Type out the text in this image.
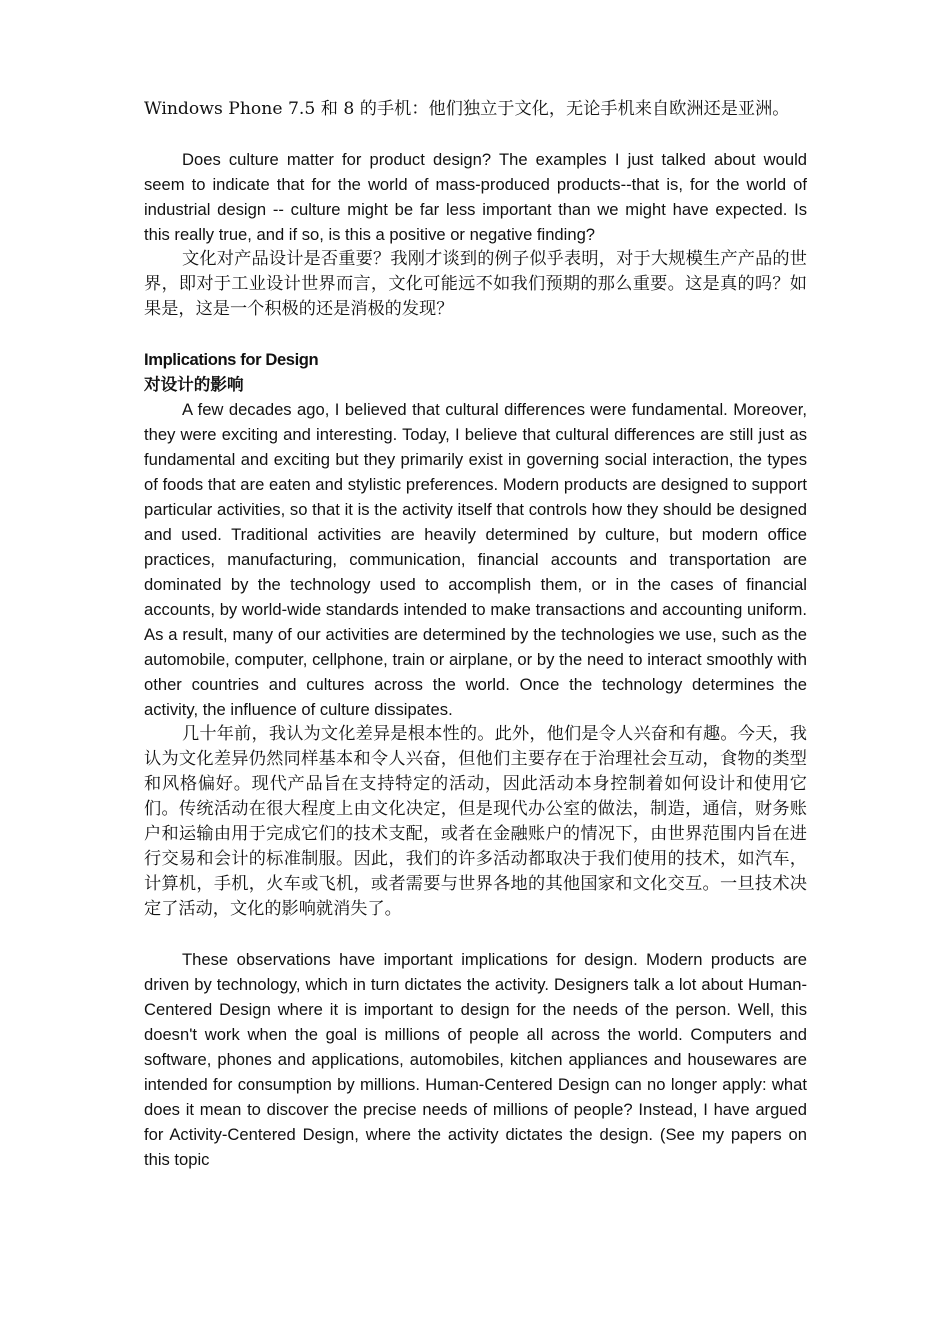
Windows Phone 7.5 和 8 的手机：他们独立于文化，无论手机来自欧洲还是亚洲。

Does culture matter for product design? The examples I just talked about would seem to indicate that for the world of mass-produced products--that is, for the world of industrial design -- culture might be far less important than we might have expected. Is this really true, and if so, is this a positive or negative finding?

文化对产品设计是否重要？我刚才谈到的例子似乎表明，对于大规模生产产品的世界，即对于工业设计世界而言，文化可能远不如我们预期的那么重要。这是真的吗？如果是，这是一个积极的还是消极的发现？

Implications for Design

对设计的影响

A few decades ago, I believed that cultural differences were fundamental. Moreover, they were exciting and interesting. Today, I believe that cultural differences are still just as fundamental and exciting but they primarily exist in governing social interaction, the types of foods that are eaten and stylistic preferences. Modern products are designed to support particular activities, so that it is the activity itself that controls how they should be designed and used. Traditional activities are heavily determined by culture, but modern office practices, manufacturing, communication, financial accounts and transportation are dominated by the technology used to accomplish them, or in the cases of financial accounts, by world-wide standards intended to make transactions and accounting uniform. As a result, many of our activities are determined by the technologies we use, such as the automobile, computer, cellphone, train or airplane, or by the need to interact smoothly with other countries and cultures across the world. Once the technology determines the activity, the influence of culture dissipates.

几十年前，我认为文化差异是根本性的。此外，他们是令人兴奋和有趣。今天，我认为文化差异仍然同样基本和令人兴奋，但他们主要存在于治理社会互动，食物的类型和风格偏好。现代产品旨在支持特定的活动，因此活动本身控制着如何设计和使用它们。传统活动在很大程度上由文化决定，但是现代办公室的做法，制造，通信，财务账户和运输由用于完成它们的技术支配，或者在金融账户的情况下，由世界范围内旨在进行交易和会计的标准制服。因此，我们的许多活动都取决于我们使用的技术，如汽车，计算机，手机，火车或飞机，或者需要与世界各地的其他国家和文化交互。一旦技术决定了活动，文化的影响就消失了。

These observations have important implications for design. Modern products are driven by technology, which in turn dictates the activity. Designers talk a lot about Human-Centered Design where it is important to design for the needs of the person. Well, this doesn't work when the goal is millions of people all across the world. Computers and software, phones and applications, automobiles, kitchen appliances and housewares are intended for consumption by millions. Human-Centered Design can no longer apply: what does it mean to discover the precise needs of millions of people? Instead, I have argued for Activity-Centered Design, where the activity dictates the design. (See my papers on this topic
